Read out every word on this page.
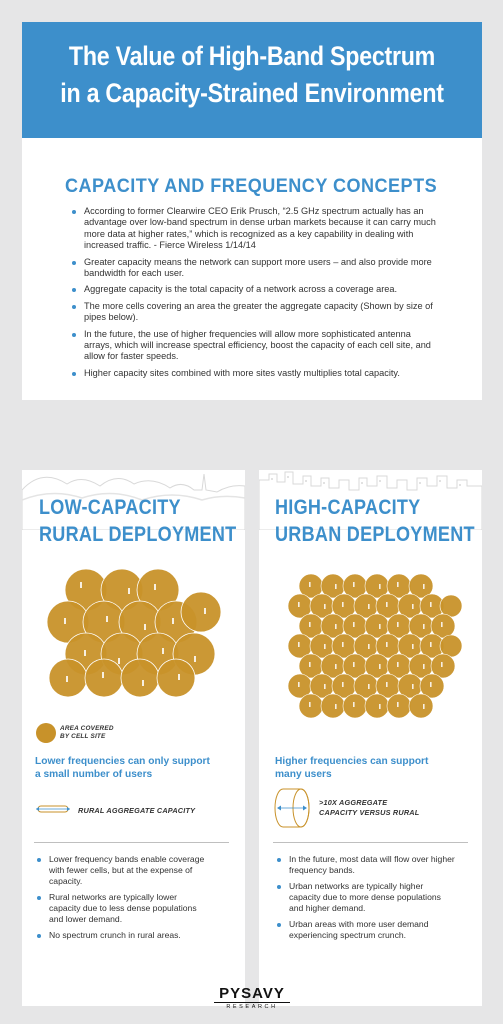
The Value of High-Band Spectrum
in a Capacity-Strained Environment
CAPACITY AND FREQUENCY CONCEPTS
According to former Clearwire CEO Erik Prusch, “2.5 GHz spectrum actually has an advantage over low-band spectrum in dense urban markets because it can carry much more data at higher rates,” which is recognized as a key capability in dealing with increased traffic. - Fierce Wireless 1/14/14
Greater capacity means the network can support more users – and also provide more bandwidth for each user.
Aggregate capacity is the total capacity of a network across a coverage area.
The more cells covering an area the greater the aggregate capacity (Shown by size of pipes below).
In the future, the use of higher frequencies will allow more sophisticated antenna arrays, which will increase spectral efficiency, boost the capacity of each cell site, and allow for faster speeds.
Higher capacity sites combined with more sites vastly multiplies total capacity.
LOW-CAPACITY
RURAL DEPLOYMENT
AREA COVERED
BY CELL SITE
Lower frequencies can only support
a small number of users
RURAL AGGREGATE CAPACITY
Lower frequency bands enable coverage with fewer cells, but at the expense of capacity.
Rural networks are typically lower capacity due to less dense populations and lower demand.
No spectrum crunch in rural areas.
HIGH-CAPACITY
URBAN DEPLOYMENT
Higher frequencies can support
many users
>10X AGGREGATE
CAPACITY VERSUS RURAL
In the future, most data will flow over higher frequency bands.
Urban networks are typically higher capacity due to more dense populations and higher demand.
Urban areas with more user demand experiencing spectrum crunch.
PYSAVY
RESEARCH
